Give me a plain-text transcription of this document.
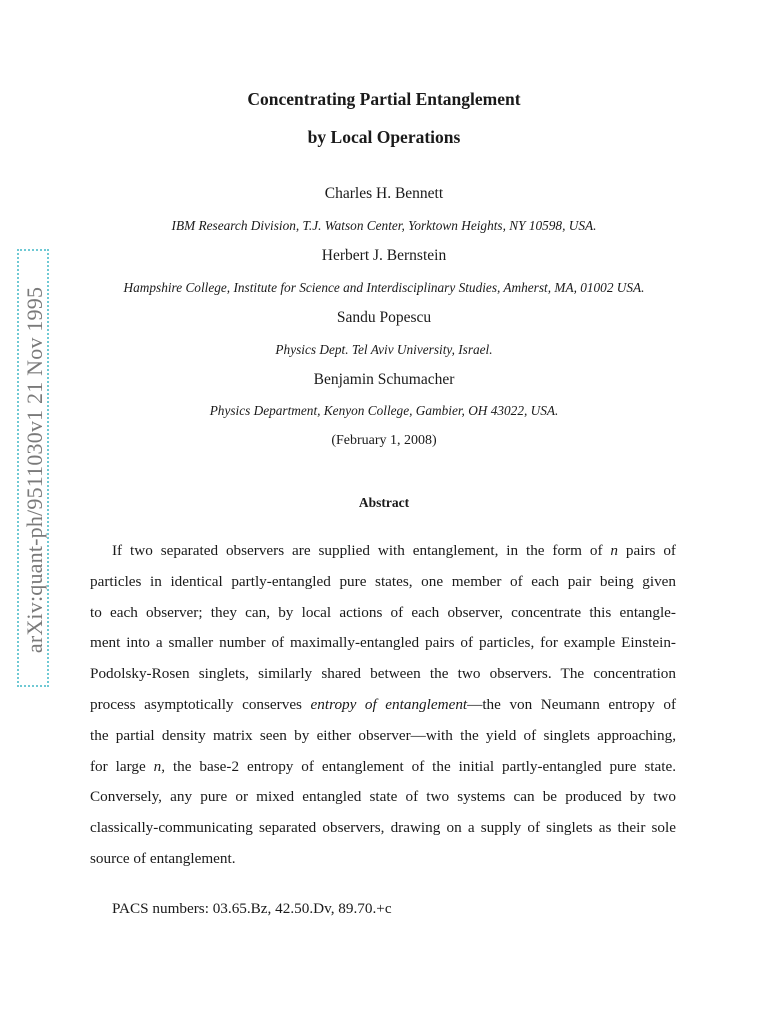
arXiv:quant-ph/9511030v1 21 Nov 1995
Concentrating Partial Entanglement
by Local Operations
Charles H. Bennett
IBM Research Division, T.J. Watson Center, Yorktown Heights, NY 10598, USA.
Herbert J. Bernstein
Hampshire College, Institute for Science and Interdisciplinary Studies, Amherst, MA, 01002 USA.
Sandu Popescu
Physics Dept. Tel Aviv University, Israel.
Benjamin Schumacher
Physics Department, Kenyon College, Gambier, OH 43022, USA.
(February 1, 2008)
Abstract
If two separated observers are supplied with entanglement, in the form of n pairs of
particles in identical partly-entangled pure states, one member of each pair being given
to each observer; they can, by local actions of each observer, concentrate this entangle-
ment into a smaller number of maximally-entangled pairs of particles, for example Einstein-
Podolsky-Rosen singlets, similarly shared between the two observers. The concentration
process asymptotically conserves entropy of entanglement—the von Neumann entropy of
the partial density matrix seen by either observer—with the yield of singlets approaching,
for large n, the base-2 entropy of entanglement of the initial partly-entangled pure state.
Conversely, any pure or mixed entangled state of two systems can be produced by two
classically-communicating separated observers, drawing on a supply of singlets as their sole
source of entanglement.
PACS numbers: 03.65.Bz, 42.50.Dv, 89.70.+c
